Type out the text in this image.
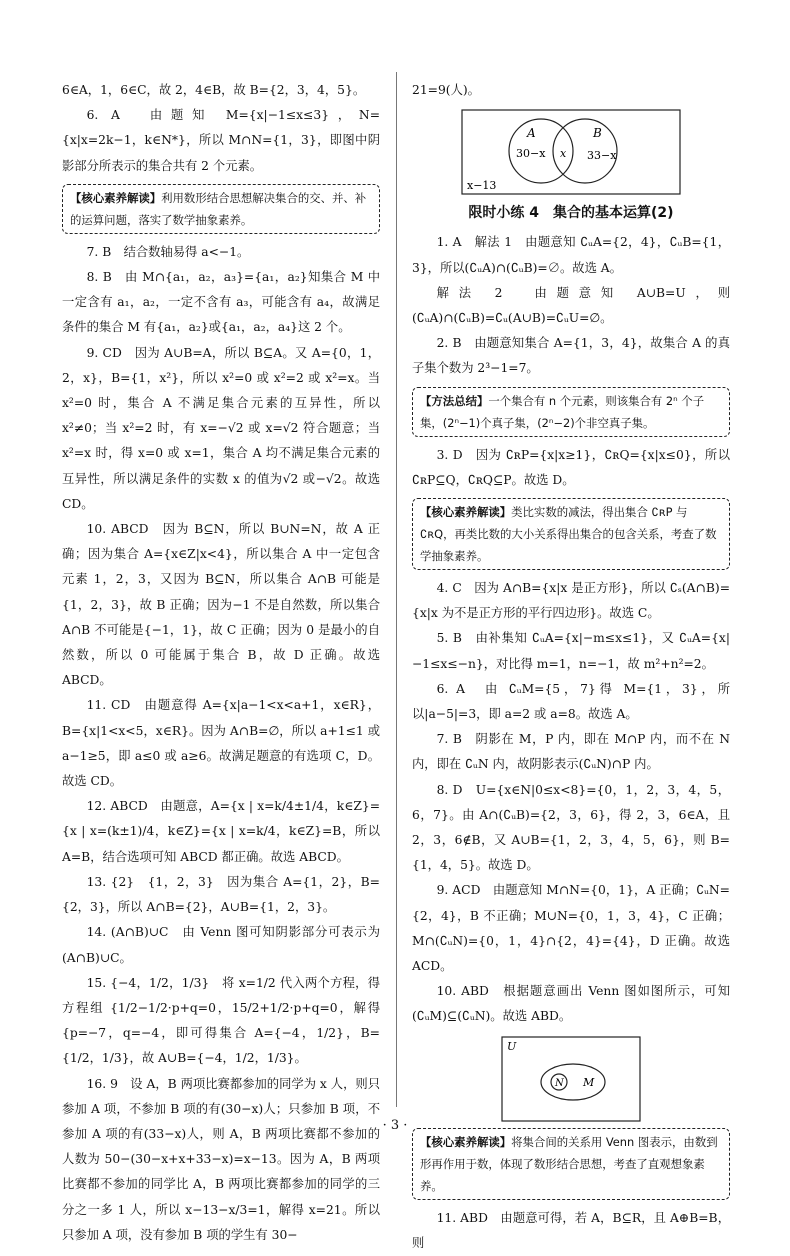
6∈A，1，6∈C，故 2，4∈B，故 B={2，3，4，5}。

6. A　由题知 M={x|−1≤x≤3}，N={x|x=2k−1，k∈N*}，所以 M∩N={1，3}，即图中阴影部分所表示的集合共有 2 个元素。

【核心素养解读】利用数形结合思想解决集合的交、并、补的运算问题，落实了数学抽象素养。

7. B　结合数轴易得 a<−1。

8. B　由 M∩{a₁，a₂，a₃}={a₁，a₂}知集合 M 中一定含有 a₁，a₂，一定不含有 a₃，可能含有 a₄，故满足条件的集合 M 有{a₁，a₂}或{a₁，a₂，a₄}这 2 个。

9. CD　因为 A∪B=A，所以 B⊆A。又 A={0，1，2，x}，B={1，x²}，所以 x²=0 或 x²=2 或 x²=x。当 x²=0 时，集合 A 不满足集合元素的互异性，所以 x²≠0；当 x²=2 时，有 x=−√2 或 x=√2 符合题意；当 x²=x 时，得 x=0 或 x=1，集合 A 均不满足集合元素的互异性，所以满足条件的实数 x 的值为√2 或−√2。故选 CD。

10. ABCD　因为 B⊆N，所以 B∪N=N，故 A 正确；因为集合 A={x∈Z|x<4}，所以集合 A 中一定包含元素 1，2，3，又因为 B⊆N，所以集合 A∩B 可能是{1，2，3}，故 B 正确；因为−1 不是自然数，所以集合 A∩B 不可能是{−1，1}，故 C 正确；因为 0 是最小的自然数，所以 0 可能属于集合 B，故 D 正确。故选 ABCD。

11. CD　由题意得 A={x|a−1<x<a+1，x∈R}，B={x|1<x<5，x∈R}。因为 A∩B=∅，所以 a+1≤1 或 a−1≥5，即 a≤0 或 a≥6。故满足题意的有选项 C，D。故选 CD。

12. ABCD　由题意，A={x | x=k/4±1/4，k∈Z}={x | x=(k±1)/4，k∈Z}={x | x=k/4，k∈Z}=B，所以 A=B，结合选项可知 ABCD 都正确。故选 ABCD。

13. {2}　{1，2，3}　因为集合 A={1，2}，B={2，3}，所以 A∩B={2}，A∪B={1，2，3}。

14. (A∩B)∪C　由 Venn 图可知阴影部分可表示为(A∩B)∪C。

15. {−4，1/2，1/3}　将 x=1/2 代入两个方程，得方程组 {1/2−1/2·p+q=0，15/2+1/2·p+q=0，解得 {p=−7，q=−4，即可得集合 A={−4，1/2}，B={1/2，1/3}，故 A∪B={−4，1/2，1/3}。

16. 9　设 A，B 两项比赛都参加的同学为 x 人，则只参加 A 项，不参加 B 项的有(30−x)人；只参加 B 项，不参加 A 项的有(33−x)人，则 A，B 两项比赛都不参加的人数为 50−(30−x+x+33−x)=x−13。因为 A，B 两项比赛都不参加的同学比 A，B 两项比赛都参加的同学的三分之一多 1 人，所以 x−13−x/3=1，解得 x=21。所以只参加 A 项，没有参加 B 项的学生有 30−

21=9(人)。

A	B
30−x x 33−x
x−13
限时小练 4　集合的基本运算(2)

1. A　解法 1　由题意知 ∁ᵤA={2，4}，∁ᵤB={1，3}，所以(∁ᵤA)∩(∁ᵤB)=∅。故选 A。

解法 2　由题意知 A∪B=U，则(∁ᵤA)∩(∁ᵤB)=∁ᵤ(A∪B)=∁ᵤU=∅。

2. B　由题意知集合 A={1，3，4}，故集合 A 的真子集个数为 2³−1=7。

【方法总结】一个集合有 n 个元素，则该集合有 2ⁿ 个子集，(2ⁿ−1)个真子集，(2ⁿ−2)个非空真子集。

3. D　因为 ∁ʀP={x|x≥1}，∁ʀQ={x|x≤0}，所以 ∁ʀP⊆Q，∁ʀQ⊆P。故选 D。

【核心素养解读】类比实数的减法，得出集合 ∁ʀP 与 ∁ʀQ，再类比数的大小关系得出集合的包含关系，考查了数学抽象素养。

4. C　因为 A∩B={x|x 是正方形}，所以 ∁ₛ(A∩B)={x|x 为不是正方形的平行四边形}。故选 C。

5. B　由补集知 ∁ᵤA={x|−m≤x≤1}，又 ∁ᵤA={x|−1≤x≤−n}，对比得 m=1，n=−1，故 m²+n²=2。

6. A　由 ∁ᵤM={5，7}得 M={1，3}，所以|a−5|=3，即 a=2 或 a=8。故选 A。

7. B　阴影在 M，P 内，即在 M∩P 内，而不在 N 内，即在 ∁ᵤN 内，故阴影表示(∁ᵤN)∩P 内。

8. D　U={x∈N|0≤x<8}={0，1，2，3，4，5，6，7}。由 A∩(∁ᵤB)={2，3，6}，得 2，3，6∈A，且 2，3，6∉B，又 A∪B={1，2，3，4，5，6}，则 B={1，4，5}。故选 D。

9. ACD　由题意知 M∩N={0，1}，A 正确；∁ᵤN={2，4}，B 不正确；M∪N={0，1，3，4}，C 正确；M∩(∁ᵤN)={0，1，4}∩{2，4}={4}，D 正确。故选 ACD。

10. ABD　根据题意画出 Venn 图如图所示，可知(∁ᵤM)⊆(∁ᵤN)。故选 ABD。

U
N M
【核心素养解读】将集合间的关系用 Venn 图表示，由数到形再作用于数，体现了数形结合思想，考查了直观想象素养。

11. ABD　由题意可得，若 A，B⊆R，且 A⊕B=B，则

· 3 ·
